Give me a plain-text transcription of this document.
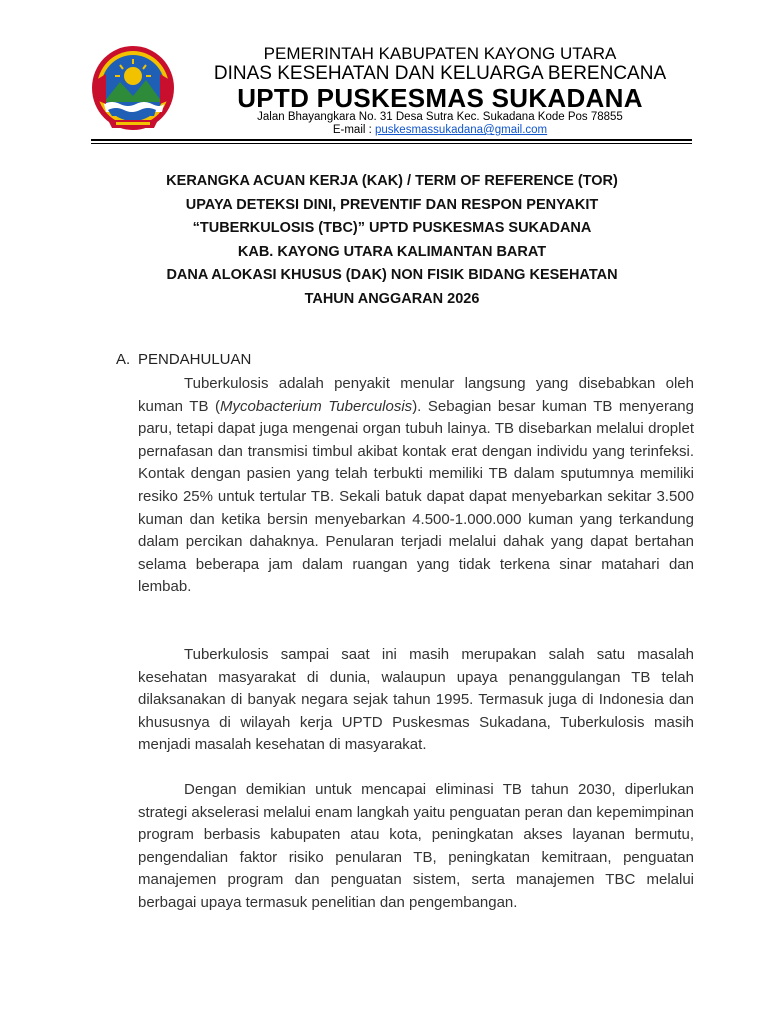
PEMERINTAH KABUPATEN KAYONG UTARA
DINAS KESEHATAN DAN KELUARGA BERENCANA
UPTD PUSKESMAS SUKADANA
Jalan Bhayangkara No. 31 Desa Sutra Kec. Sukadana Kode Pos 78855
E-mail : puskesmassukadana@gmail.com
KERANGKA ACUAN KERJA (KAK) / TERM OF REFERENCE (TOR)
UPAYA DETEKSI DINI, PREVENTIF DAN RESPON PENYAKIT
“TUBERKULOSIS (TBC)” UPTD PUSKESMAS SUKADANA
KAB. KAYONG UTARA KALIMANTAN BARAT
DANA ALOKASI KHUSUS (DAK) NON FISIK BIDANG KESEHATAN
TAHUN ANGGARAN 2026
A. PENDAHULUAN

Tuberkulosis adalah penyakit menular langsung yang disebabkan oleh kuman TB (Mycobacterium Tuberculosis). Sebagian besar kuman TB menyerang paru, tetapi dapat juga mengenai organ tubuh lainya. TB disebarkan melalui droplet pernafasan dan transmisi timbul akibat kontak erat dengan individu yang terinfeksi. Kontak dengan pasien yang telah terbukti memiliki TB dalam sputumnya memiliki resiko 25% untuk tertular TB. Sekali batuk dapat dapat menyebarkan sekitar 3.500 kuman dan ketika bersin menyebarkan 4.500-1.000.000 kuman yang terkandung dalam percikan dahaknya. Penularan terjadi melalui dahak yang dapat bertahan selama beberapa jam dalam ruangan yang tidak terkena sinar matahari dan lembab.

Tuberkulosis sampai saat ini masih merupakan salah satu masalah kesehatan masyarakat di dunia, walaupun upaya penanggulangan TB telah dilaksanakan di banyak negara sejak tahun 1995. Termasuk juga di Indonesia dan khususnya di wilayah kerja UPTD Puskesmas Sukadana, Tuberkulosis masih menjadi masalah kesehatan di masyarakat.

Dengan demikian untuk mencapai eliminasi TB tahun 2030, diperlukan strategi akselerasi melalui enam langkah yaitu penguatan peran dan kepemimpinan program berbasis kabupaten atau kota, peningkatan akses layanan bermutu, pengendalian faktor risiko penularan TB, peningkatan kemitraan, penguatan manajemen program dan penguatan sistem, serta manajemen TBC melalui berbagai upaya termasuk penelitian dan pengembangan.
